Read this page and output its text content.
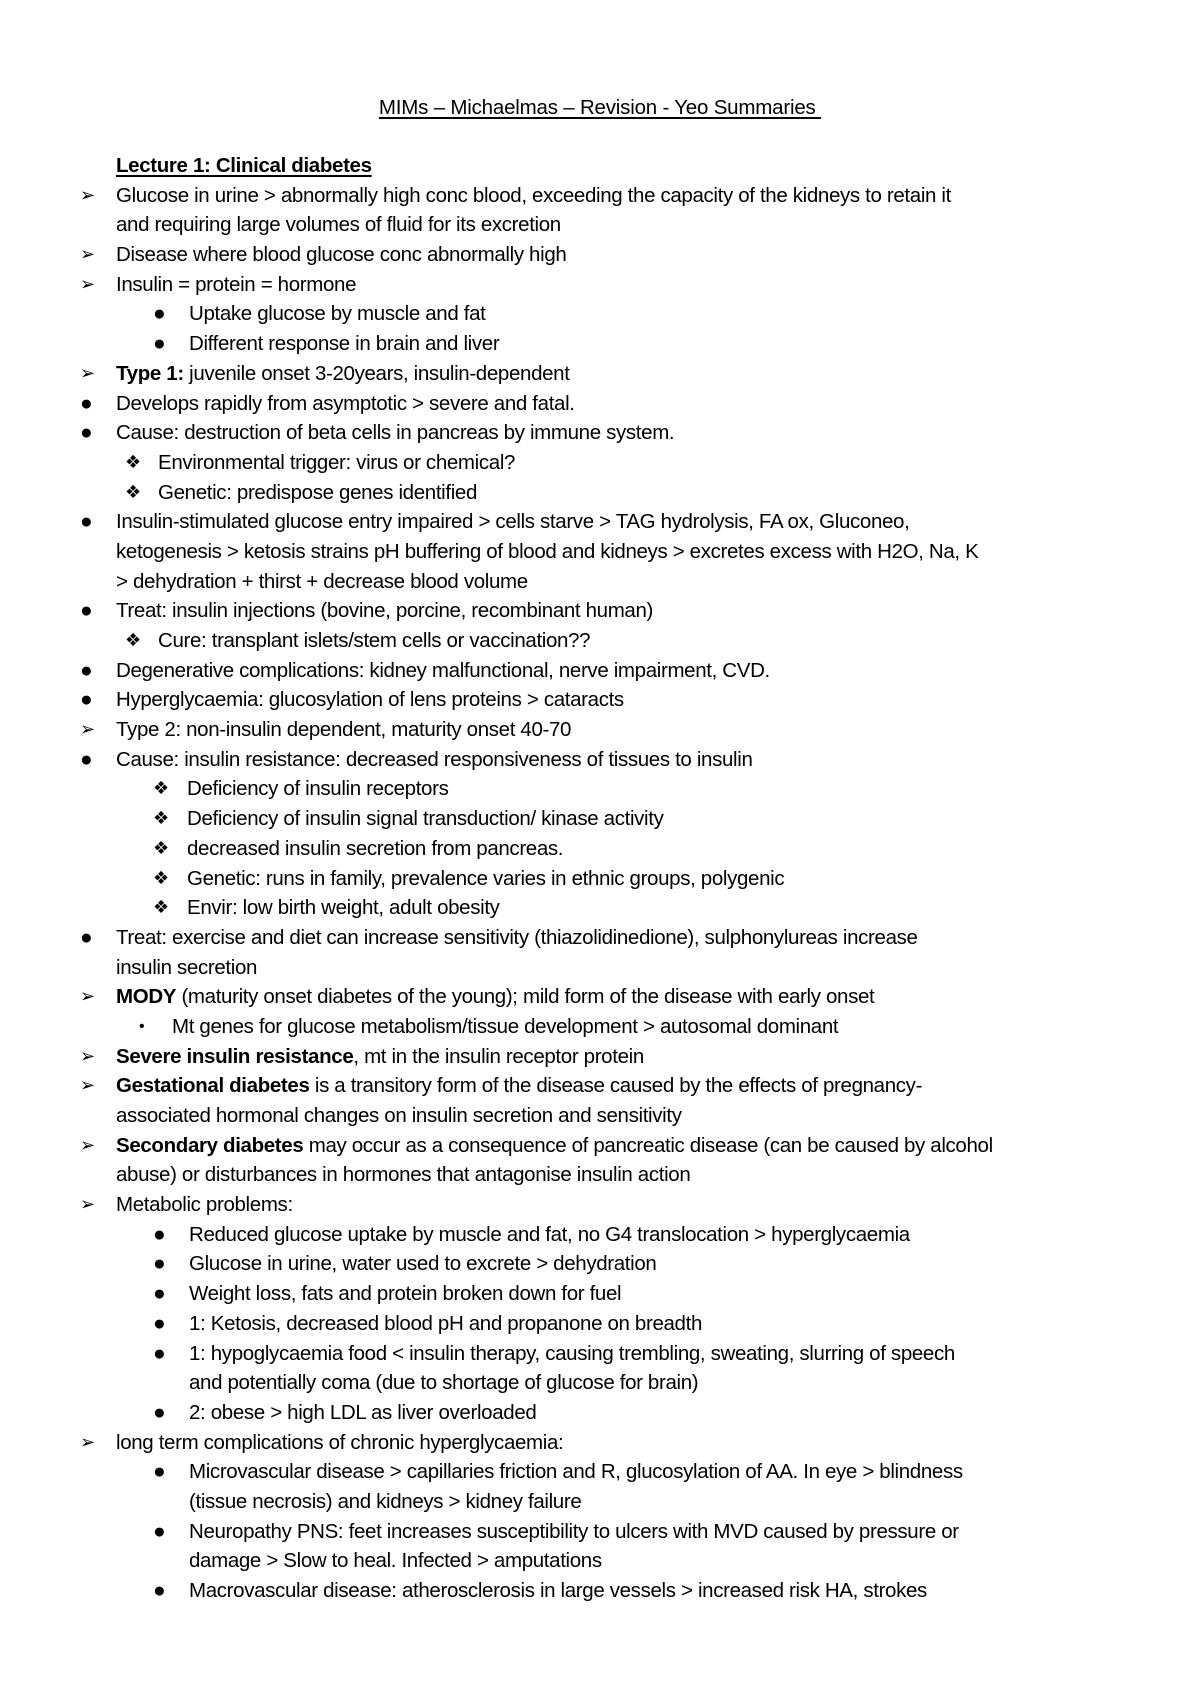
MIMs – Michaelmas – Revision - Yeo Summaries
Lecture 1: Clinical diabetes
➢	Glucose in urine > abnormally high conc blood, exceeding the capacity of the kidneys to retain it
and requiring large volumes of fluid for its excretion
➢	Disease where blood glucose conc abnormally high
➢	Insulin = protein = hormone
●	Uptake glucose by muscle and fat
●	Different response in brain and liver
➢	Type 1: juvenile onset 3-20years, insulin-dependent
●	Develops rapidly from asymptotic > severe and fatal.
●	Cause: destruction of beta cells in pancreas by immune system.
❖ Environmental trigger: virus or chemical?
❖ Genetic: predispose genes identified
●	Insulin-stimulated glucose entry impaired > cells starve > TAG hydrolysis, FA ox, Gluconeo,
ketogenesis > ketosis strains pH buffering of blood and kidneys > excretes excess with H2O, Na, K
> dehydration + thirst + decrease blood volume
●	Treat: insulin injections (bovine, porcine, recombinant human)
❖ Cure: transplant islets/stem cells or vaccination??
●	Degenerative complications: kidney malfunctional, nerve impairment, CVD.
●	Hyperglycaemia: glucosylation of lens proteins > cataracts
➢	Type 2: non-insulin dependent, maturity onset 40-70
●	Cause: insulin resistance: decreased responsiveness of tissues to insulin
❖ Deficiency of insulin receptors
❖ Deficiency of insulin signal transduction/ kinase activity
❖ decreased insulin secretion from pancreas.
❖ Genetic: runs in family, prevalence varies in ethnic groups, polygenic
❖ Envir: low birth weight, adult obesity
●	Treat: exercise and diet can increase sensitivity (thiazolidinedione), sulphonylureas increase
insulin secretion
➢	MODY (maturity onset diabetes of the young); mild form of the disease with early onset
•	Mt genes for glucose metabolism/tissue development > autosomal dominant
➢	Severe insulin resistance, mt in the insulin receptor protein
➢	Gestational diabetes is a transitory form of the disease caused by the effects of pregnancy-
associated hormonal changes on insulin secretion and sensitivity
➢	Secondary diabetes may occur as a consequence of pancreatic disease (can be caused by alcohol
abuse) or disturbances in hormones that antagonise insulin action
➢	Metabolic problems:
●	Reduced glucose uptake by muscle and fat, no G4 translocation > hyperglycaemia
●	Glucose in urine, water used to excrete > dehydration
●	Weight loss, fats and protein broken down for fuel
●	1: Ketosis, decreased blood pH and propanone on breadth
●	1: hypoglycaemia food < insulin therapy, causing trembling, sweating, slurring of speech
and potentially coma (due to shortage of glucose for brain)
●	2: obese > high LDL as liver overloaded
➢	long term complications of chronic hyperglycaemia:
●	Microvascular disease > capillaries friction and R, glucosylation of AA. In eye > blindness
(tissue necrosis) and kidneys > kidney failure
●	Neuropathy PNS: feet increases susceptibility to ulcers with MVD caused by pressure or
damage > Slow to heal. Infected > amputations
●	Macrovascular disease: atherosclerosis in large vessels > increased risk HA, strokes
